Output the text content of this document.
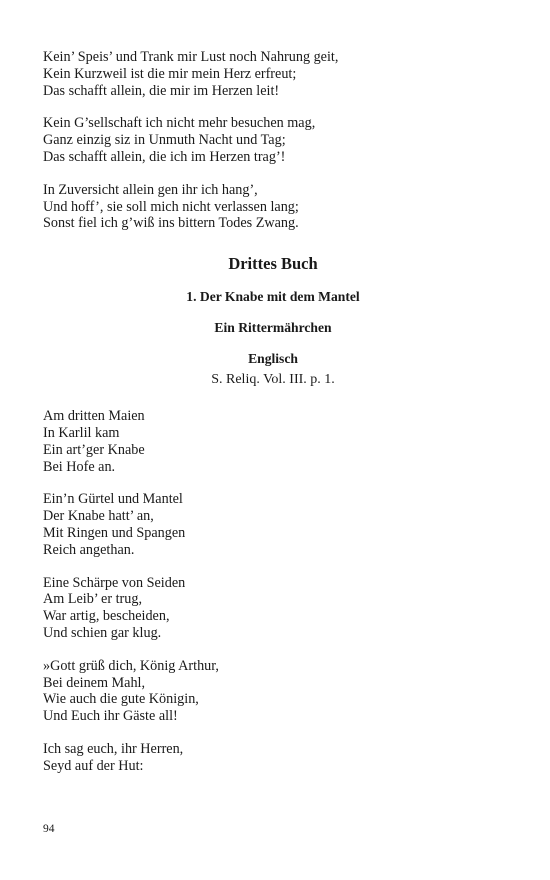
Kein’ Speis’ und Trank mir Lust noch Nahrung geit,
Kein Kurzweil ist die mir mein Herz erfreut;
Das schafft allein, die mir im Herzen leit!
Kein G’sellschaft ich nicht mehr besuchen mag,
Ganz einzig siz in Unmuth Nacht und Tag;
Das schafft allein, die ich im Herzen trag’!
In Zuversicht allein gen ihr ich hang’,
Und hoff’, sie soll mich nicht verlassen lang;
Sonst fiel ich g’wiß ins bittern Todes Zwang.
Drittes Buch
1. Der Knabe mit dem Mantel
Ein Rittermährchen
Englisch
S. Reliq. Vol. III. p. 1.
Am dritten Maien
In Karlil kam
Ein art’ger Knabe
Bei Hofe an.
Ein’n Gürtel und Mantel
Der Knabe hatt’ an,
Mit Ringen und Spangen
Reich angethan.
Eine Schärpe von Seiden
Am Leib’ er trug,
War artig, bescheiden,
Und schien gar klug.
»Gott grüß dich, König Arthur,
Bei deinem Mahl,
Wie auch die gute Königin,
Und Euch ihr Gäste all!
Ich sag euch, ihr Herren,
Seyd auf der Hut:
94
